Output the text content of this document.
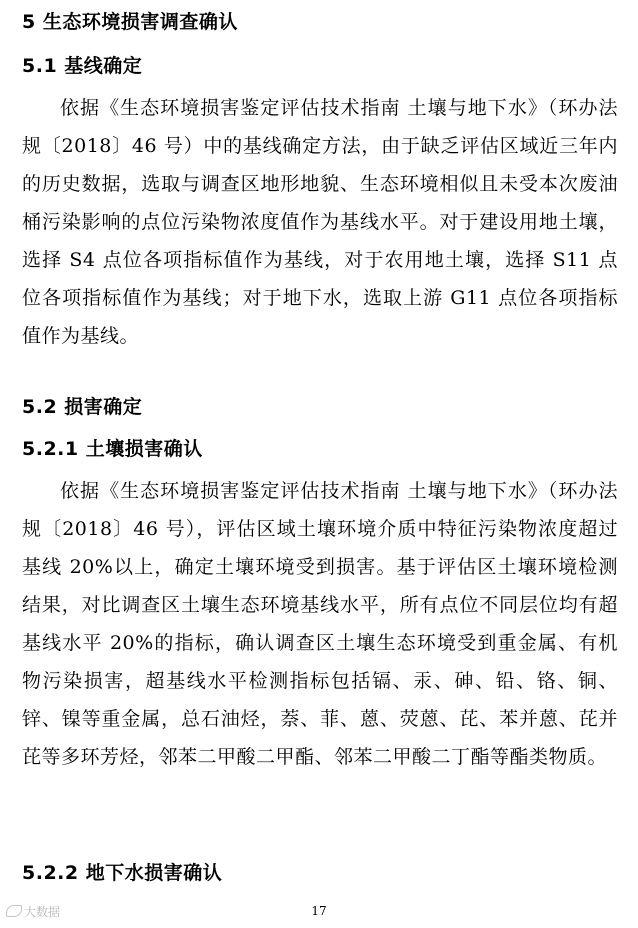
5 生态环境损害调查确认
5.1 基线确定
依据《生态环境损害鉴定评估技术指南 土壤与地下水》（环办法规〔2018〕46 号）中的基线确定方法，由于缺乏评估区域近三年内的历史数据，选取与调查区地形地貌、生态环境相似且未受本次废油桶污染影响的点位污染物浓度值作为基线水平。对于建设用地土壤，选择 S4 点位各项指标值作为基线，对于农用地土壤，选择 S11 点位各项指标值作为基线；对于地下水，选取上游 G11 点位各项指标值作为基线。
5.2 损害确定
5.2.1 土壤损害确认
依据《生态环境损害鉴定评估技术指南 土壤与地下水》（环办法规〔2018〕46 号），评估区域土壤环境介质中特征污染物浓度超过基线 20%以上，确定土壤环境受到损害。基于评估区土壤环境检测结果，对比调查区土壤生态环境基线水平，所有点位不同层位均有超基线水平 20%的指标，确认调查区土壤生态环境受到重金属、有机物污染损害，超基线水平检测指标包括镉、汞、砷、铅、铬、铜、锌、镍等重金属，总石油烃，萘、菲、蒽、荧蒽、芘、苯并蒽、芘并芘等多环芳烃，邻苯二甲酸二甲酯、邻苯二甲酸二丁酯等酯类物质。
5.2.2 地下水损害确认
大数据	17
